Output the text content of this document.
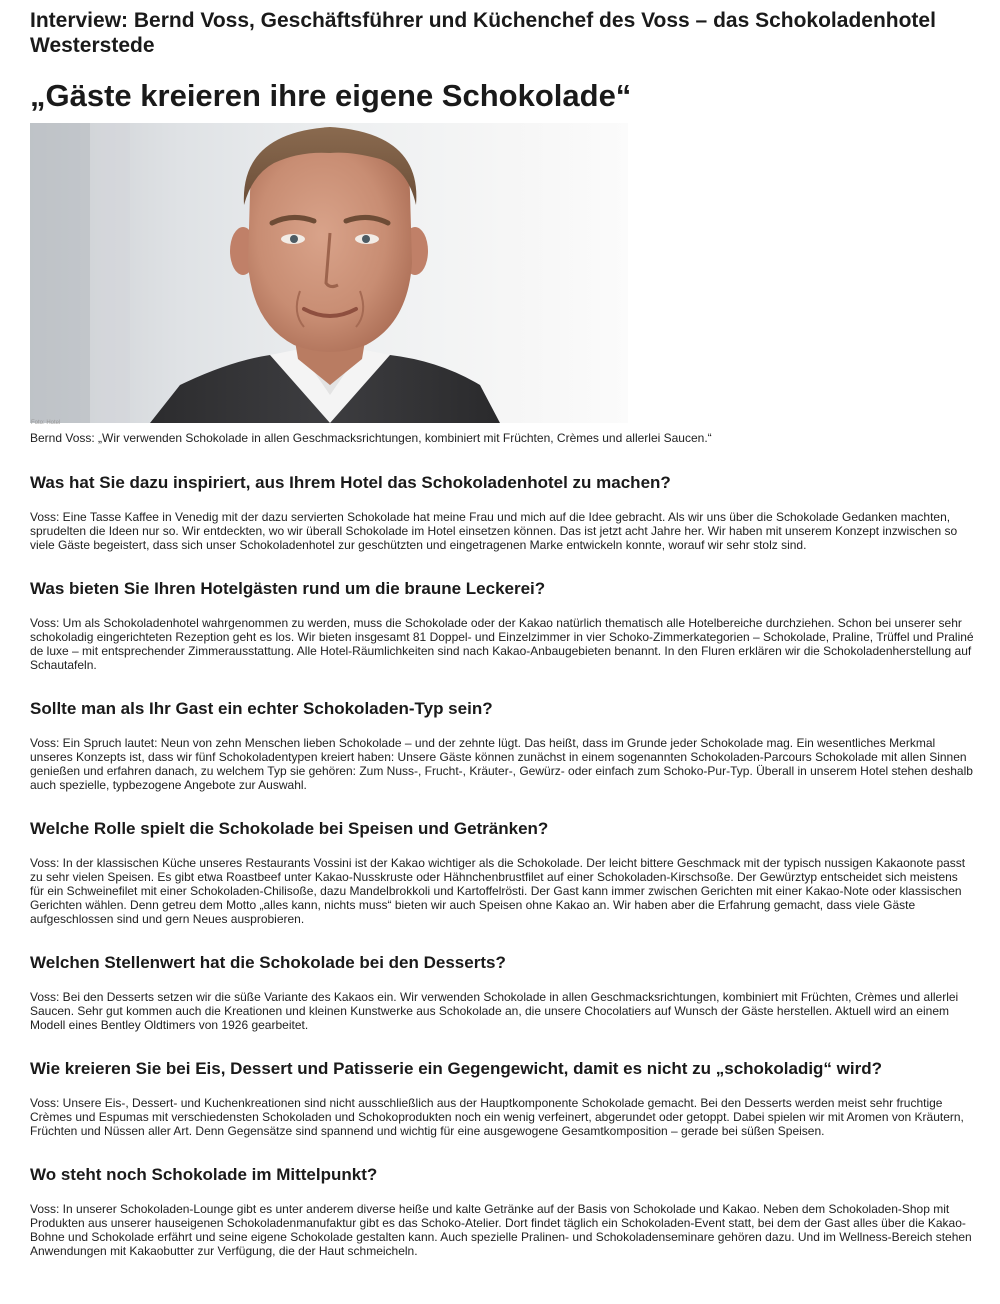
Interview: Bernd Voss, Geschäftsführer und Küchenchef des Voss – das Schokoladenhotel Westerstede
„Gäste kreieren ihre eigene Schokolade“
Foto: Hotel

Bernd Voss: „Wir verwenden Schokolade in allen Geschmacksrichtungen, kombiniert mit Früchten, Crèmes und allerlei Saucen.“

Was hat Sie dazu inspiriert, aus Ihrem Hotel das Schokoladenhotel zu machen?

Voss: Eine Tasse Kaffee in Venedig mit der dazu servierten Schokolade hat meine Frau und mich auf die Idee gebracht. Als wir uns über die Schokolade Gedanken machten, sprudelten die Ideen nur so. Wir entdeckten, wo wir überall Schokolade im Hotel einsetzen können. Das ist jetzt acht Jahre her. Wir haben mit unserem Konzept inzwischen so viele Gäste begeistert, dass sich unser Schokoladenhotel zur geschützten und eingetragenen Marke entwickeln konnte, worauf wir sehr stolz sind.

Was bieten Sie Ihren Hotelgästen rund um die braune Leckerei?

Voss: Um als Schokoladenhotel wahrgenommen zu werden, muss die Schokolade oder der Kakao natürlich thematisch alle Hotelbereiche durchziehen. Schon bei unserer sehr schokoladig eingerichteten Rezeption geht es los. Wir bieten insgesamt 81 Doppel- und Einzelzimmer in vier Schoko-Zimmerkategorien – Schokolade, Praline, Trüffel und Praliné de luxe – mit entsprechender Zimmerausstattung. Alle Hotel-Räumlichkeiten sind nach Kakao-Anbaugebieten benannt. In den Fluren erklären wir die Schokoladenherstellung auf Schautafeln.

Sollte man als Ihr Gast ein echter Schokoladen-Typ sein?

Voss: Ein Spruch lautet: Neun von zehn Menschen lieben Schokolade – und der zehnte lügt. Das heißt, dass im Grunde jeder Schokolade mag. Ein wesentliches Merkmal unseres Konzepts ist, dass wir fünf Schokoladentypen kreiert haben: Unsere Gäste können zunächst in einem sogenannten Schokoladen-Parcours Schokolade mit allen Sinnen genießen und erfahren danach, zu welchem Typ sie gehören: Zum Nuss-, Frucht-, Kräuter-, Gewürz- oder einfach zum Schoko-Pur-Typ. Überall in unserem Hotel stehen deshalb auch spezielle, typbezogene Angebote zur Auswahl.

Welche Rolle spielt die Schokolade bei Speisen und Getränken?

Voss: In der klassischen Küche unseres Restaurants Vossini ist der Kakao wichtiger als die Schokolade. Der leicht bittere Geschmack mit der typisch nussigen Kakaonote passt zu sehr vielen Speisen. Es gibt etwa Roastbeef unter Kakao-Nusskruste oder Hähnchenbrustfilet auf einer Schokoladen-Kirschsoße. Der Gewürztyp entscheidet sich meistens für ein Schweinefilet mit einer Schokoladen-Chilisoße, dazu Mandelbrokkoli und Kartoffelrösti. Der Gast kann immer zwischen Gerichten mit einer Kakao-Note oder klassischen Gerichten wählen. Denn getreu dem Motto „alles kann, nichts muss“ bieten wir auch Speisen ohne Kakao an. Wir haben aber die Erfahrung gemacht, dass viele Gäste aufgeschlossen sind und gern Neues ausprobieren.

Welchen Stellenwert hat die Schokolade bei den Desserts?

Voss: Bei den Desserts setzen wir die süße Variante des Kakaos ein. Wir verwenden Schokolade in allen Geschmacksrichtungen, kombiniert mit Früchten, Crèmes und allerlei Saucen. Sehr gut kommen auch die Kreationen und kleinen Kunstwerke aus Schokolade an, die unsere Chocolatiers auf Wunsch der Gäste herstellen. Aktuell wird an einem Modell eines Bentley Oldtimers von 1926 gearbeitet.

Wie kreieren Sie bei Eis, Dessert und Patisserie ein Gegengewicht, damit es nicht zu „schokoladig“ wird?

Voss: Unsere Eis-, Dessert- und Kuchenkreationen sind nicht ausschließlich aus der Hauptkomponente Schokolade gemacht. Bei den Desserts werden meist sehr fruchtige Crèmes und Espumas mit verschiedensten Schokoladen und Schokoprodukten noch ein wenig verfeinert, abgerundet oder getoppt. Dabei spielen wir mit Aromen von Kräutern, Früchten und Nüssen aller Art. Denn Gegensätze sind spannend und wichtig für eine ausgewogene Gesamtkomposition – gerade bei süßen Speisen.

Wo steht noch Schokolade im Mittelpunkt?

Voss: In unserer Schokoladen-Lounge gibt es unter anderem diverse heiße und kalte Getränke auf der Basis von Schokolade und Kakao. Neben dem Schokoladen-Shop mit Produkten aus unserer hauseigenen Schokoladenmanufaktur gibt es das Schoko-Atelier. Dort findet täglich ein Schokoladen-Event statt, bei dem der Gast alles über die Kakao-Bohne und Schokolade erfährt und seine eigene Schokolade gestalten kann. Auch spezielle Pralinen- und Schokoladenseminare gehören dazu. Und im Wellness-Bereich stehen Anwendungen mit Kakaobutter zur Verfügung, die der Haut schmeicheln.
